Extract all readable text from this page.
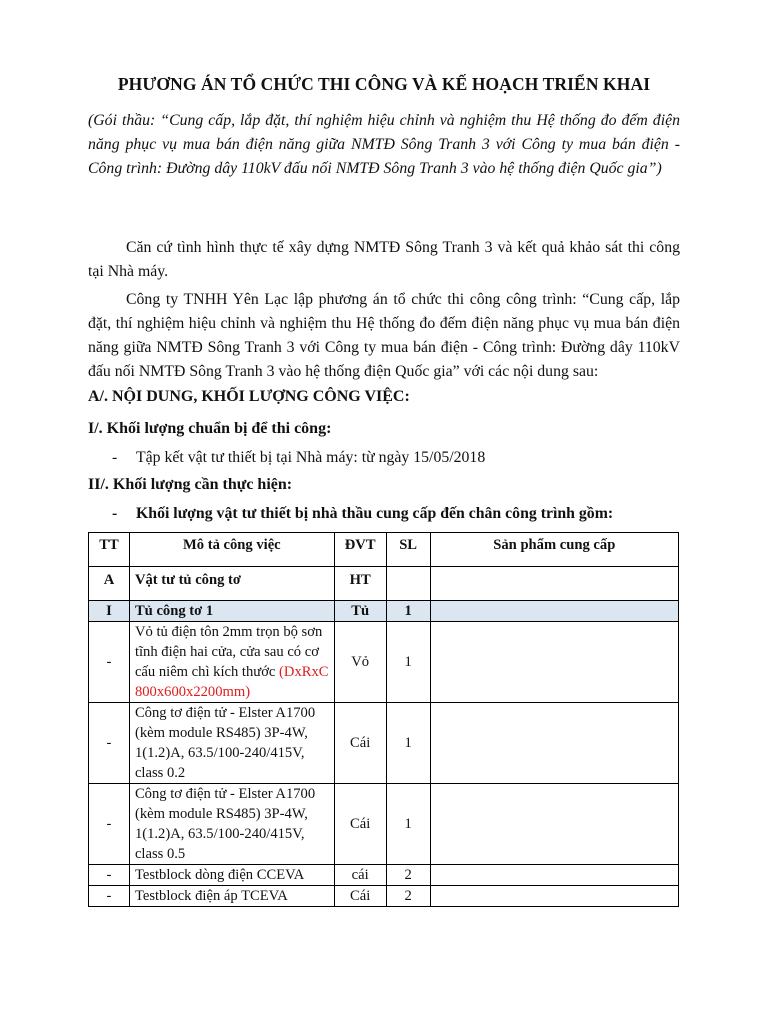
PHƯƠNG ÁN TỔ CHỨC THI CÔNG VÀ KẾ HOẠCH TRIỂN KHAI
(Gói thầu: “Cung cấp, lắp đặt, thí nghiệm hiệu chỉnh và nghiệm thu Hệ thống đo đếm điện năng phục vụ mua bán điện năng giữa NMTĐ Sông Tranh 3 với Công ty mua bán điện - Công trình: Đường dây 110kV đấu nối NMTĐ Sông Tranh 3 vào hệ thống điện Quốc gia”)
Căn cứ tình hình thực tế xây dựng NMTĐ Sông Tranh 3 và kết quả khảo sát thi công tại Nhà máy.
Công ty TNHH Yên Lạc lập phương án tổ chức thi công công trình: “Cung cấp, lắp đặt, thí nghiệm hiệu chỉnh và nghiệm thu Hệ thống đo đếm điện năng phục vụ mua bán điện năng giữa NMTĐ Sông Tranh 3 với Công ty mua bán điện - Công trình: Đường dây 110kV đấu nối NMTĐ Sông Tranh 3 vào hệ thống điện Quốc gia” với các nội dung sau:
A/. NỘI DUNG, KHỐI LƯỢNG CÔNG VIỆC:
I/. Khối lượng chuẩn bị để thi công:
- Tập kết vật tư thiết bị tại Nhà máy: từ ngày 15/05/2018
II/. Khối lượng cần thực hiện:
- Khối lượng vật tư thiết bị nhà thầu cung cấp đến chân công trình gồm:
TT	Mô tả công việc	ĐVT	SL	Sản phẩm cung cấp
A	Vật tư tủ công tơ	HT		
I	Tủ công tơ 1	Tủ	1	
-	Vỏ tủ điện tôn 2mm trọn bộ sơn tĩnh điện hai cửa, cửa sau có cơ cấu niêm chì kích thước (DxRxC 800x600x2200mm)	Vỏ	1	
-	Công tơ điện tử - Elster A1700 (kèm module RS485) 3P-4W, 1(1.2)A, 63.5/100-240/415V, class 0.2	Cái	1	
-	Công tơ điện tử - Elster A1700 (kèm module RS485) 3P-4W, 1(1.2)A, 63.5/100-240/415V, class 0.5	Cái	1	
-	Testblock dòng điện CCEVA	cái	2	
-	Testblock điện áp TCEVA	Cái	2	
